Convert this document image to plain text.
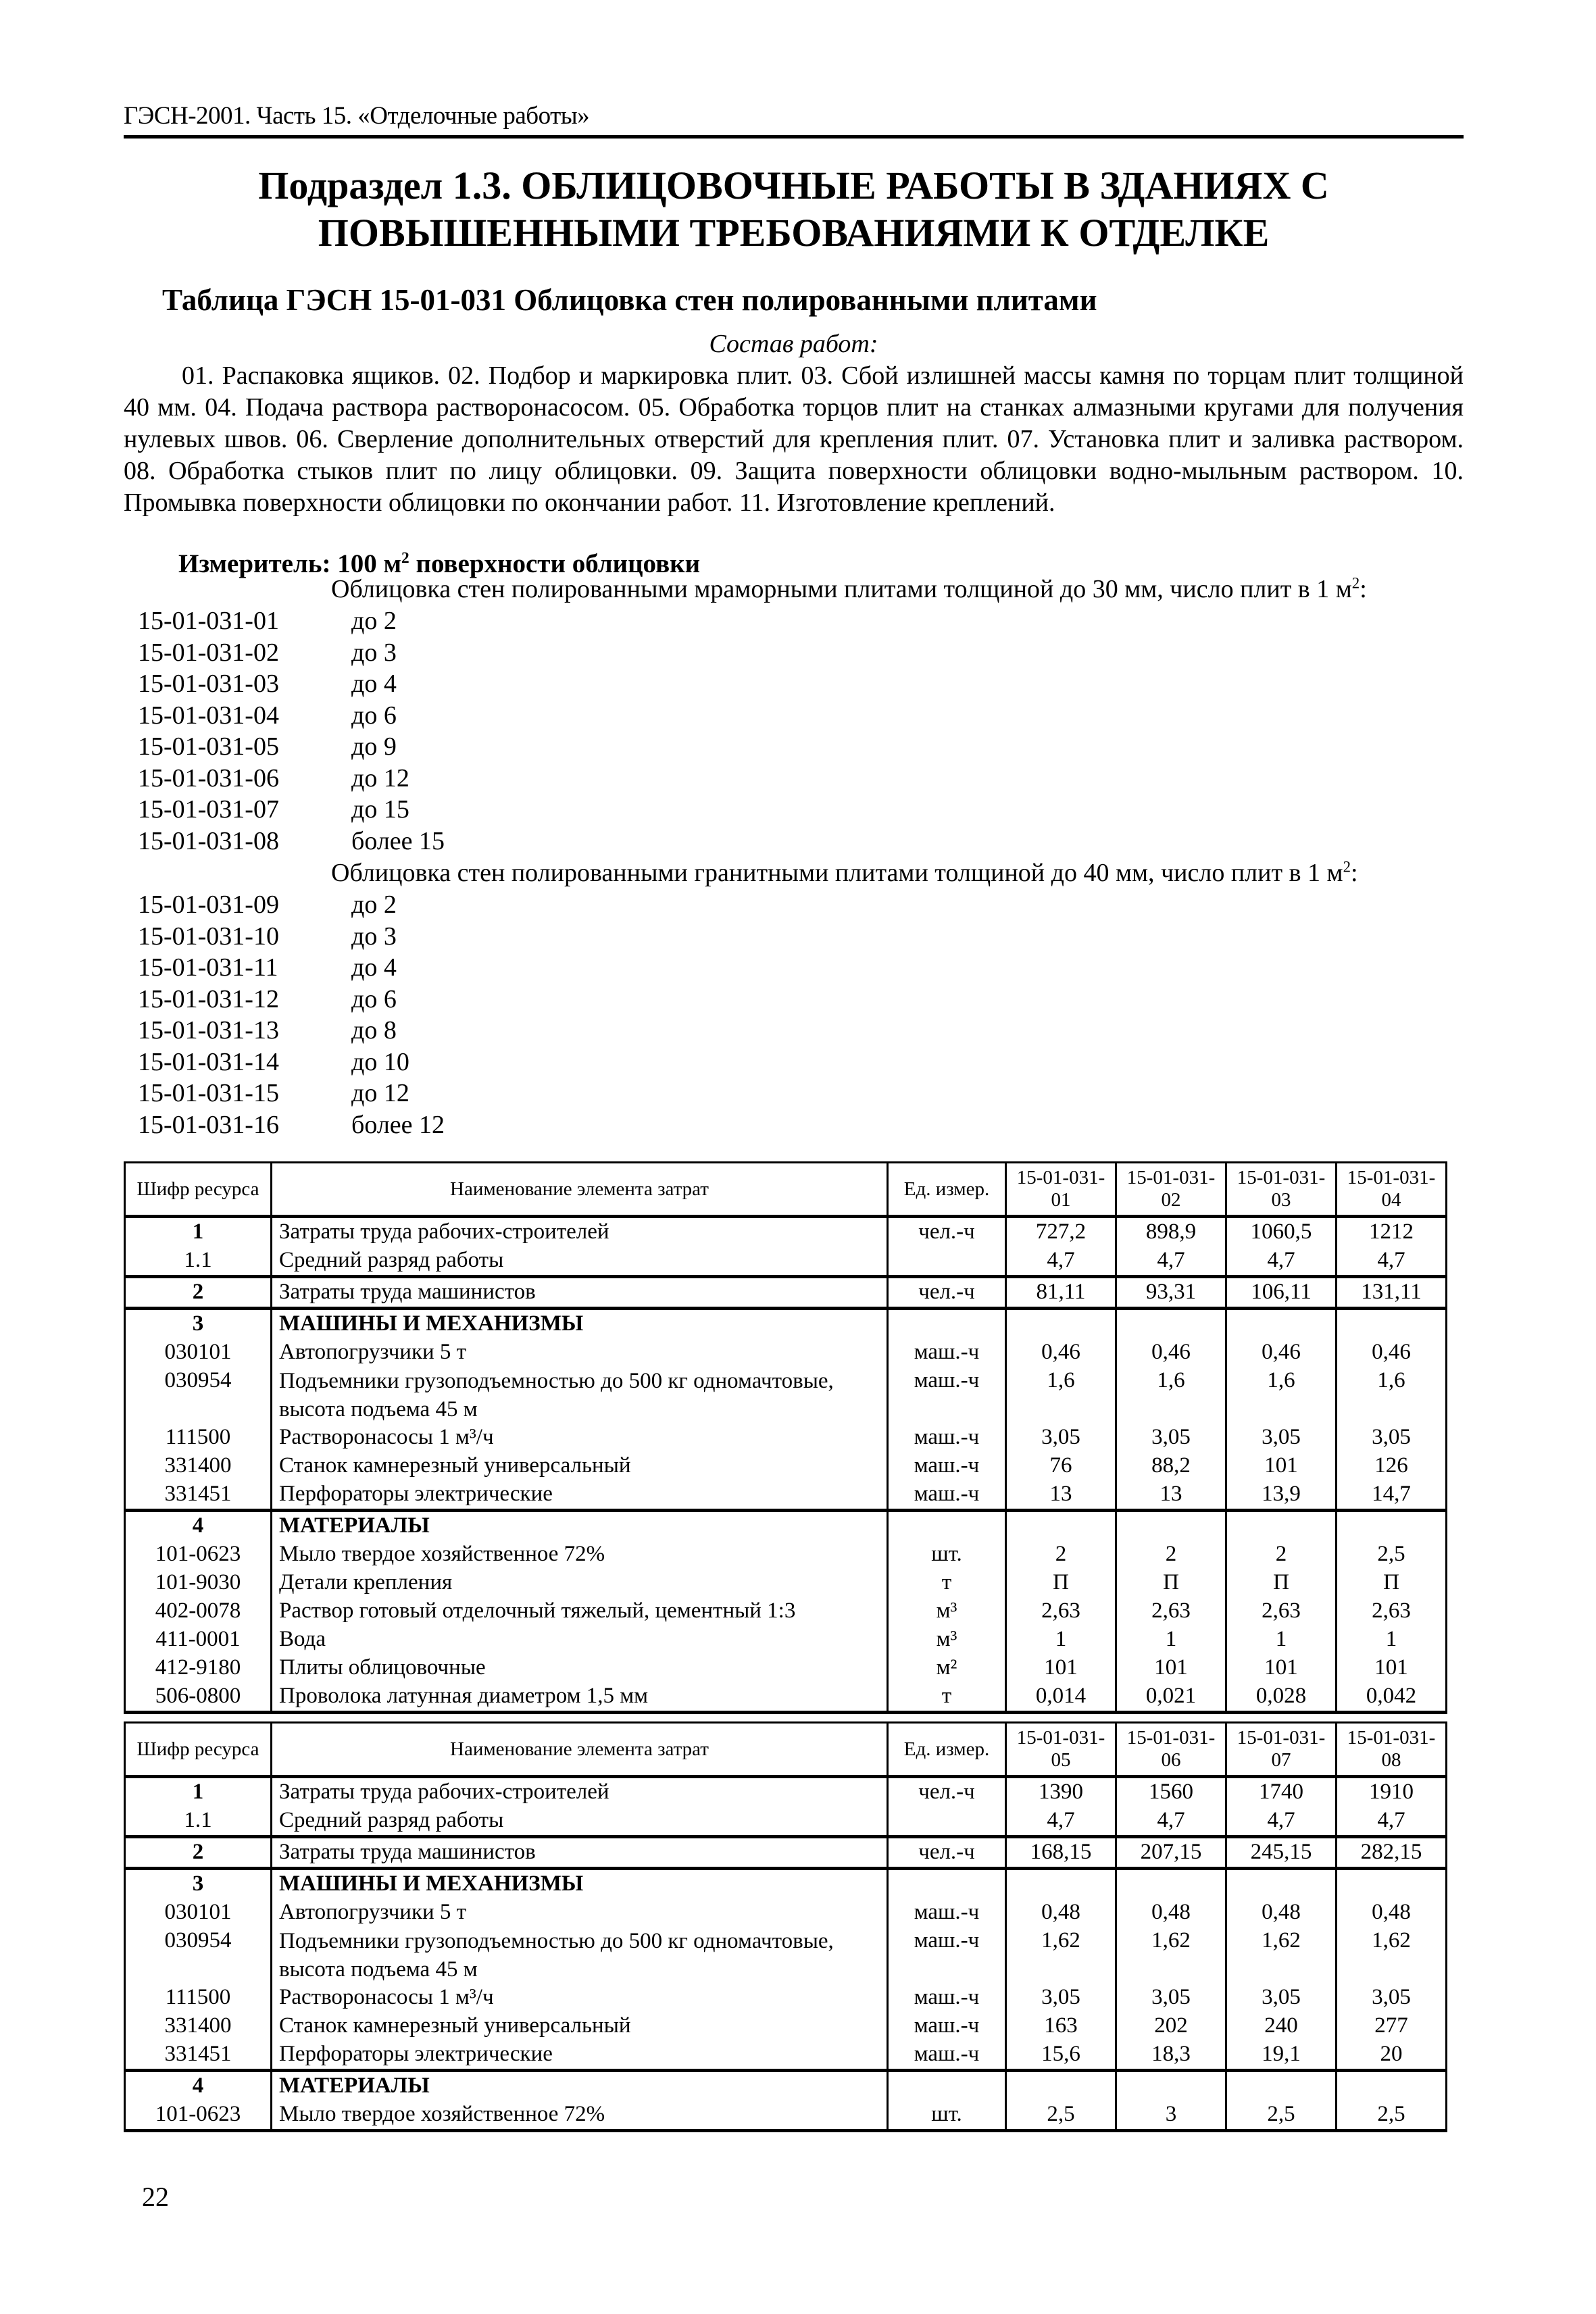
ГЭСН-2001. Часть 15. «Отделочные работы»
Подраздел 1.3. ОБЛИЦОВОЧНЫЕ РАБОТЫ В ЗДАНИЯХ С
ПОВЫШЕННЫМИ ТРЕБОВАНИЯМИ К ОТДЕЛКЕ
Таблица ГЭСН 15-01-031 Облицовка стен полированными плитами
Состав работ:
01. Распаковка ящиков. 02. Подбор и маркировка плит. 03. Сбой излишней массы камня по торцам плит толщиной 40 мм. 04. Подача раствора растворонасосом. 05. Обработка торцов плит на станках алмазными кругами для получения нулевых швов. 06. Сверление дополнительных отверстий для крепления плит. 07. Установка плит и заливка раствором. 08. Обработка стыков плит по лицу облицовки. 09. Защита поверхности облицовки водно-мыльным раствором. 10. Промывка поверхности облицовки по окончании работ. 11. Изготовление креплений.
Измеритель: 100 $м^2$ поверхности облицовки
Облицовка стен полированными мраморными плитами толщиной до 30 мм, число плит в 1 $м^2$:
15-01-031-01	до 2
15-01-031-02	до 3
15-01-031-03	до 4
15-01-031-04	до 6
15-01-031-05	до 9
15-01-031-06	до 12
15-01-031-07	до 15
15-01-031-08	более 15
Облицовка стен полированными гранитными плитами толщиной до 40 мм, число плит в 1 $м^2$:
15-01-031-09	до 2
15-01-031-10	до 3
15-01-031-11	до 4
15-01-031-12	до 6
15-01-031-13	до 8
15-01-031-14	до 10
15-01-031-15	до 12
15-01-031-16	более 12
Шифр ресурса	Наименование элемента затрат	Ед. измер.	15-01-031-01	15-01-031-02	15-01-031-03	15-01-031-04
1	Затраты труда рабочих-строителей	чел.-ч	727,2	898,9	1060,5	1212
1.1	Средний разряд работы		4,7	4,7	4,7	4,7
2	Затраты труда машинистов	чел.-ч	81,11	93,31	106,11	131,11
3	МАШИНЫ И МЕХАНИЗМЫ					
030101	Автопогрузчики 5 т	маш.-ч	0,46	0,46	0,46	0,46
030954	Подъемники грузоподъемностью до 500 кг одномачтовые, высота подъема 45 м	маш.-ч	1,6	1,6	1,6	1,6
111500	Растворонасосы 1 м³/ч	маш.-ч	3,05	3,05	3,05	3,05
331400	Станок камнерезный универсальный	маш.-ч	76	88,2	101	126
331451	Перфораторы электрические	маш.-ч	13	13	13,9	14,7
4	МАТЕРИАЛЫ					
101-0623	Мыло твердое хозяйственное 72%	шт.	2	2	2	2,5
101-9030	Детали крепления	т	П	П	П	П
402-0078	Раствор готовый отделочный тяжелый, цементный 1:3	м³	2,63	2,63	2,63	2,63
411-0001	Вода	м³	1	1	1	1
412-9180	Плиты облицовочные	м²	101	101	101	101
506-0800	Проволока латунная диаметром 1,5 мм	т	0,014	0,021	0,028	0,042
Шифр ресурса	Наименование элемента затрат	Ед. измер.	15-01-031-05	15-01-031-06	15-01-031-07	15-01-031-08
1	Затраты труда рабочих-строителей	чел.-ч	1390	1560	1740	1910
1.1	Средний разряд работы		4,7	4,7	4,7	4,7
2	Затраты труда машинистов	чел.-ч	168,15	207,15	245,15	282,15
3	МАШИНЫ И МЕХАНИЗМЫ					
030101	Автопогрузчики 5 т	маш.-ч	0,48	0,48	0,48	0,48
030954	Подъемники грузоподъемностью до 500 кг одномачтовые, высота подъема 45 м	маш.-ч	1,62	1,62	1,62	1,62
111500	Растворонасосы 1 м³/ч	маш.-ч	3,05	3,05	3,05	3,05
331400	Станок камнерезный универсальный	маш.-ч	163	202	240	277
331451	Перфораторы электрические	маш.-ч	15,6	18,3	19,1	20
4	МАТЕРИАЛЫ					
101-0623	Мыло твердое хозяйственное 72%	шт.	2,5	3	2,5	2,5
22
